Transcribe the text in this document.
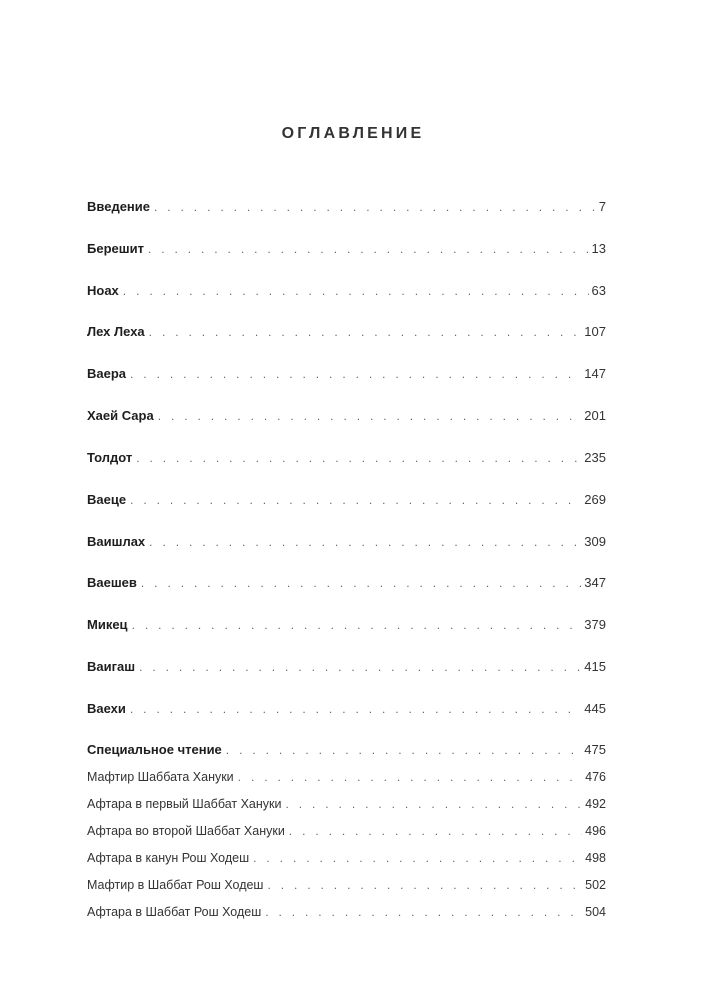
ОГЛАВЛЕНИЕ
Введение . . .	7
Берешит . . .	13
Ноах . . .	63
Лех Леха . . .	107
Ваера . . .	147
Хаей Сара . . .	201
Толдот . . .	235
Ваеце . . .	269
Ваишлах . . .	309
Ваешев . . .	347
Микец . . .	379
Ваигаш . . .	415
Ваехи . . .	445
Специальное чтение . . .	475
Мафтир Шаббата Хануки . . .	476
Афтара в первый Шаббат Хануки . . .	492
Афтара во второй Шаббат Хануки . . .	496
Афтара в канун Рош Ходеш . . .	498
Мафтир в Шаббат Рош Ходеш . . .	502
Афтара в Шаббат Рош Ходеш . . .	504
